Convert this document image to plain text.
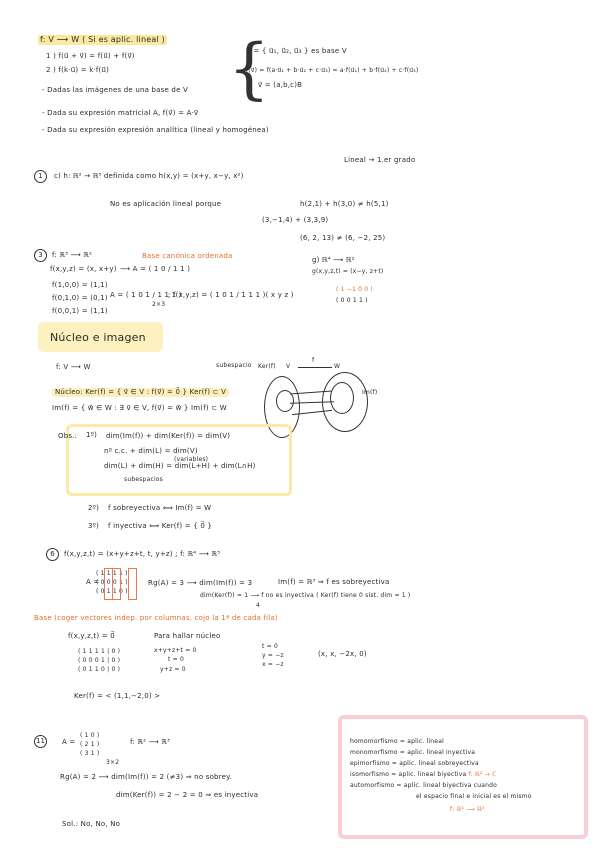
f: V ⟶ W ( Si es aplic. lineal )
1 ) f(u⃗ + v⃗) = f(u⃗) + f(v⃗)
2 ) f(k·u⃗) = k·f(u⃗)
- Dadas las imágenes de una base de V
- Dada su expresión matricial A, f(v⃗) = A·v⃗
- Dada su expresión expresión analítica (lineal y homogénea)
{
B = { u⃗₁, u⃗₂, u⃗₃ } es base V
f(v⃗) = f(a·u⃗₁ + b·u⃗₂ + c·u⃗₃) = a·f(u⃗₁) + b·f(u⃗₂) + c·f(u⃗₃)
v⃗ = (a,b,c)B
Lineal → 1.er grado
1	c) h: ℝ² → ℝ³ definida como h(x,y) = (x+y, x−y, x²)
No es aplicación lineal porque	h(2,1) + h(3,0) ≠ h(5,1)
(3,−1,4) + (3,3,9)
(6, 2, 13) ≠ (6, −2, 25)
3	f: ℝ³ ⟶ ℝ²	Base canónica ordenada
f(x,y,z) = (x, x+y) ⟶ A = ( 1 0 / 1 1 )
f(1,0,0) = (1,1)
f(0,1,0) = (0,1)
f(0,0,1) = (1,1)
A = ( 1 0 1 / 1 1 1 )
2×3
; f(x,y,z) = ( 1 0 1 / 1 1 1 )( x y z )
g) ℝ⁴ ⟶ ℝ²
g(x,y,z,t) = (x−y, z+t)
( 1 −1 0 0 )
( 0 0 1 1 )
Núcleo e imagen
f: V ⟶ W	subespacio Ker(f) V
f
W
Im(f)
Núcleo: Ker(f) = { v⃗ ∈ V : f(v⃗) = 0⃗ } Ker(f) ⊂ V
Im(f) = { w⃗ ∈ W : ∃ v⃗ ∈ V, f(v⃗) = w⃗ } Im(f) ⊂ W
Obs.: 1º) dim(Im(f)) + dim(Ker(f)) = dim(V)
nº c.c. + dim(L) = dim(V)
(variables)
dim(L) + dim(H) = dim(L+H) + dim(L∩H)
subespacios
2º) f sobreyectiva ⟺ Im(f) = W
3º) f inyectiva ⟺ Ker(f) = { 0⃗ }
6	f(x,y,z,t) = (x+y+z+t, t, y+z) ; f: ℝ⁴ ⟶ ℝ³
A =
( 1 1 1 1 )
( 0 0 0 1 )
( 0 1 1 0 )
Rg(A) = 3 ⟶ dim(Im(f)) = 3	Im(f) = ℝ³ ⇒ f es sobreyectiva
dim(Ker(f)) = 1 ⟶ f no es inyectiva ( Ker(f) tiene 0 sist. dim = 1 )
4
Base (coger vectores indep. por columnas, cojo la 1ª de cada fila)
f(x,y,z,t) = 0⃗	Para hallar núcleo
( 1 1 1 1 | 0 )
( 0 0 0 1 | 0 )
( 0 1 1 0 | 0 )
x+y+z+t = 0
t = 0
y+z = 0
t = 0
y = −z
x = −z
(x, x, −2x, 0)
Ker(f) = < (1,1,−2,0) >
11 A =
( 1 0 )
( 2 1 )
( 3 1 )
3×2
f: ℝ² ⟶ ℝ³
Rg(A) = 2 ⟶ dim(Im(f)) = 2 (≠3) ⇒ no sobrey.
dim(Ker(f)) = 2 − 2 = 0 ⇒ es inyectiva
Sol.: No, No, No
homomorfismo = aplic. lineal
monomorfismo = aplic. lineal inyectiva
epimorfismo = aplic. lineal sobreyectiva
isomorfismo = aplic. lineal biyectiva f: ℝ² → ℂ
automorfismo = aplic. lineal biyectiva cuando
el espacio final e inicial es el mismo
f: ℝ² ⟶ ℝ²
